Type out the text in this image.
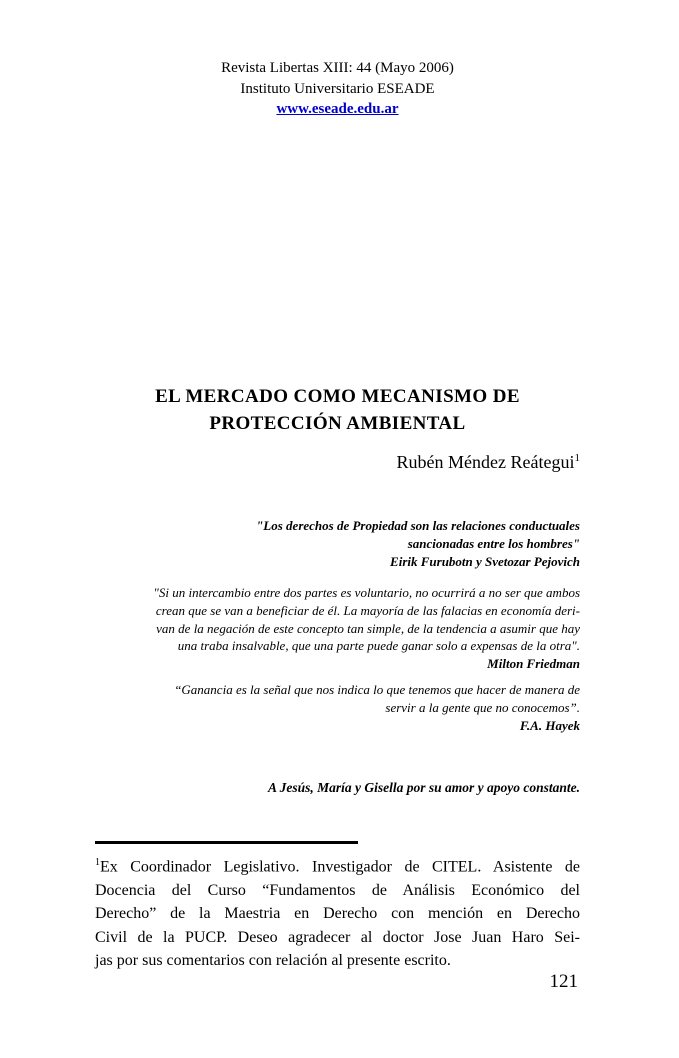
Revista Libertas XIII: 44 (Mayo 2006)
Instituto Universitario ESEADE
www.eseade.edu.ar
EL MERCADO COMO MECANISMO DE
PROTECCIÓN AMBIENTAL
Rubén Méndez Reátegui$^1$
"Los derechos de Propiedad son las relaciones conductuales
sancionadas entre los hombres"
Eirik Furubotn y Svetozar Pejovich
"Si un intercambio entre dos partes es voluntario, no ocurrirá a no ser que ambos
crean que se van a beneficiar de él. La mayoría de las falacias en economía deri-
van de la negación de este concepto tan simple, de la tendencia a asumir que hay
una traba insalvable, que una parte puede ganar solo a expensas de la otra".
Milton Friedman
“Ganancia es la señal que nos indica lo que tenemos que hacer de manera de
servir a la gente que no conocemos”.
F.A. Hayek
A Jesús, María y Gisella por su amor y apoyo constante.
$^1$Ex Coordinador Legislativo. Investigador de CITEL. Asistente de
Docencia del Curso “Fundamentos de Análisis Económico del
Derecho” de la Maestria en Derecho con mención en Derecho
Civil de la PUCP. Deseo agradecer al doctor Jose Juan Haro Sei-
jas por sus comentarios con relación al presente escrito.
121
